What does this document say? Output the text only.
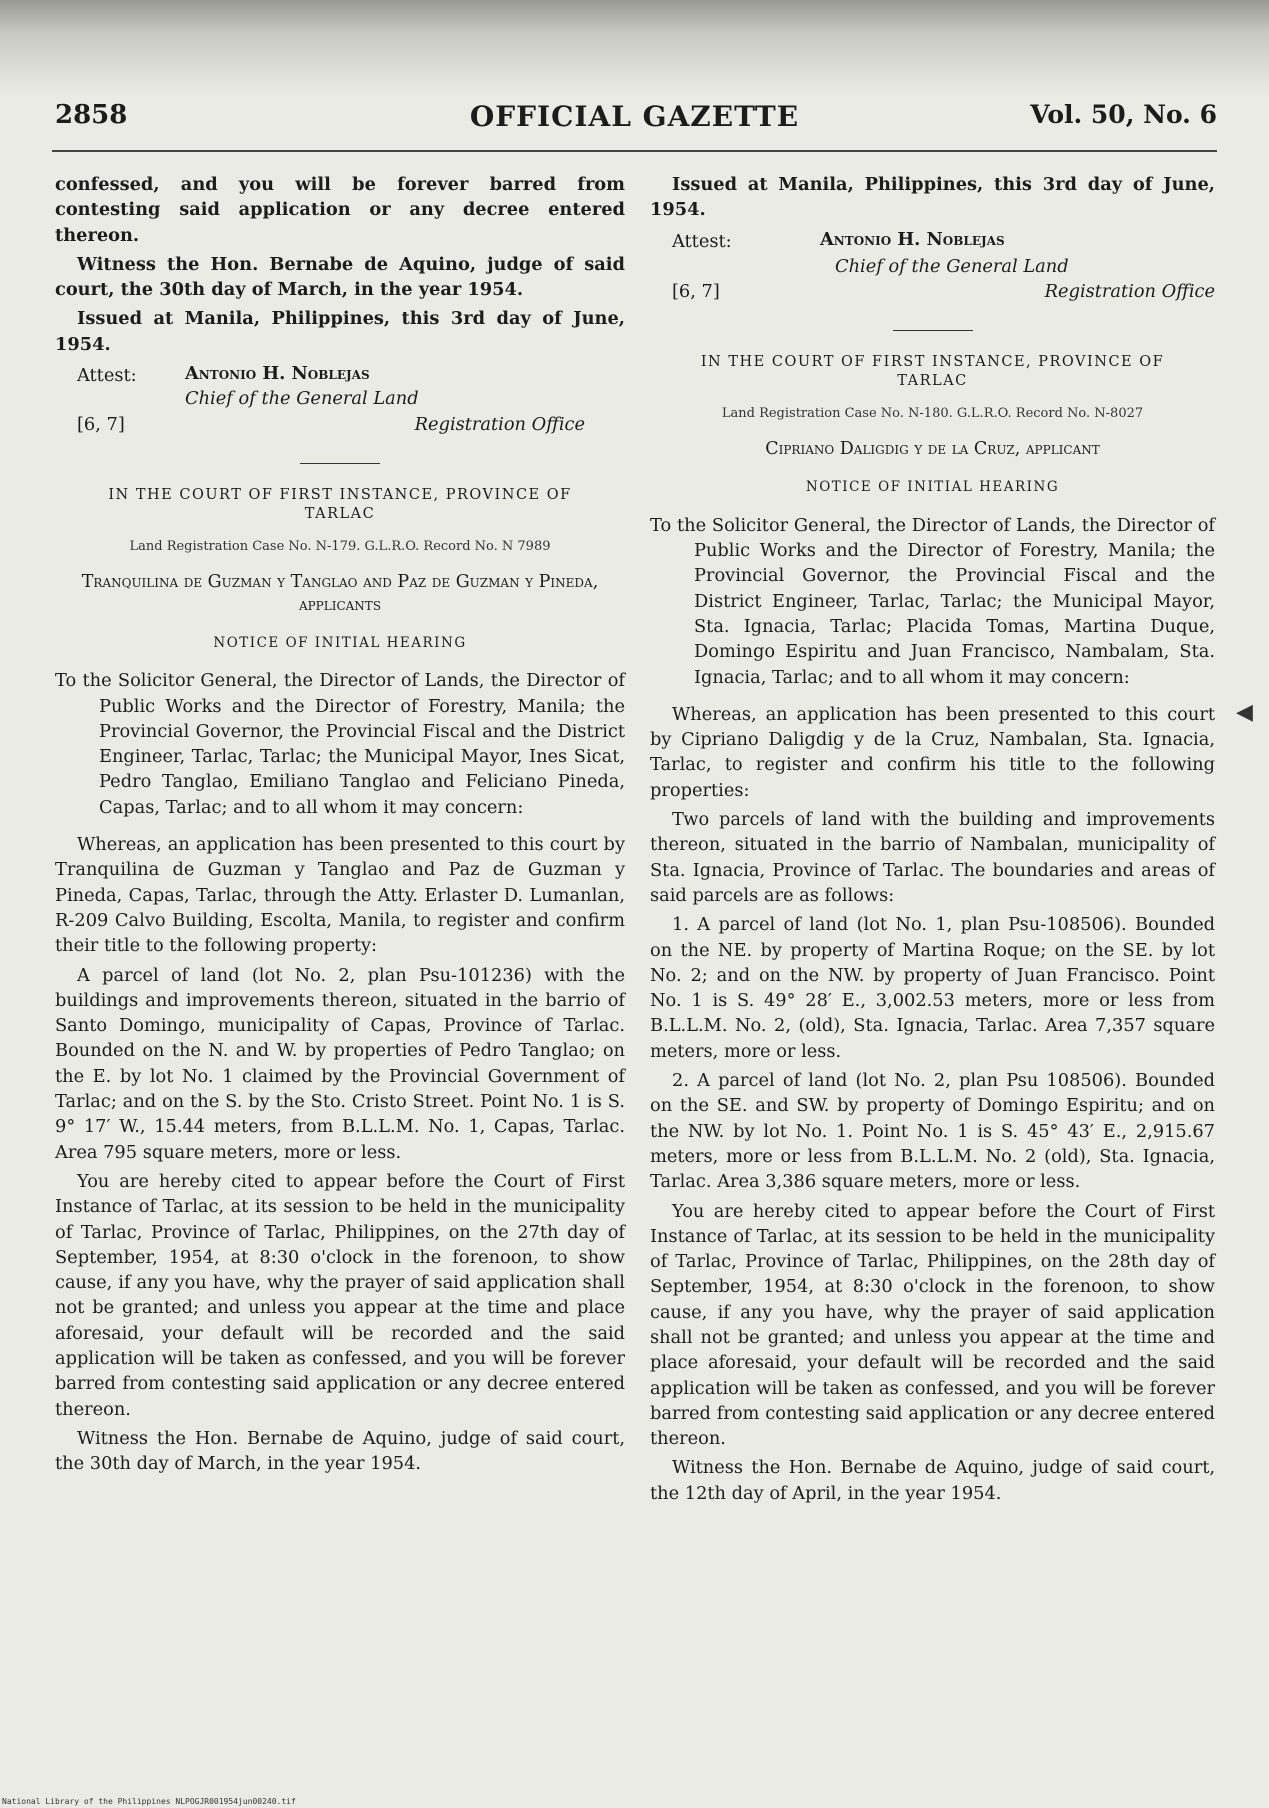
OFFICIAL GAZETTE
2858	Vol. 50, No. 6

confessed, and you will be forever barred from contesting said application or any decree entered thereon.

Witness the Hon. Bernabe de Aquino, judge of said court, the 30th day of March, in the year 1954.

Issued at Manila, Philippines, this 3rd day of June, 1954.

Attest:	Antonio H. Noblejas
Chief of the General Land
[6, 7]	Registration Office
IN THE COURT OF FIRST INSTANCE, PROVINCE OF TARLAC
Land Registration Case No. N-179. G.L.R.O. Record No. N 7989
Tranquilina de Guzman y Tanglao and Paz de Guzman y Pineda, applicants
NOTICE OF INITIAL HEARING

To the Solicitor General, the Director of Lands, the Director of Public Works and the Director of Forestry, Manila; the Provincial Governor, the Provincial Fiscal and the District Engineer, Tarlac, Tarlac; the Municipal Mayor, Ines Sicat, Pedro Tanglao, Emiliano Tanglao and Feliciano Pineda, Capas, Tarlac; and to all whom it may concern:

Whereas, an application has been presented to this court by Tranquilina de Guzman y Tanglao and Paz de Guzman y Pineda, Capas, Tarlac, through the Atty. Erlaster D. Lumanlan, R-209 Calvo Building, Escolta, Manila, to register and confirm their title to the following property:

A parcel of land (lot No. 2, plan Psu-101236) with the buildings and improvements thereon, situated in the barrio of Santo Domingo, municipality of Capas, Province of Tarlac. Bounded on the N. and W. by properties of Pedro Tanglao; on the E. by lot No. 1 claimed by the Provincial Government of Tarlac; and on the S. by the Sto. Cristo Street. Point No. 1 is S. 9° 17′ W., 15.44 meters, from B.L.L.M. No. 1, Capas, Tarlac. Area 795 square meters, more or less.

You are hereby cited to appear before the Court of First Instance of Tarlac, at its session to be held in the municipality of Tarlac, Province of Tarlac, Philippines, on the 27th day of September, 1954, at 8:30 o'clock in the forenoon, to show cause, if any you have, why the prayer of said application shall not be granted; and unless you appear at the time and place aforesaid, your default will be recorded and the said application will be taken as confessed, and you will be forever barred from contesting said application or any decree entered thereon.

Witness the Hon. Bernabe de Aquino, judge of said court, the 30th day of March, in the year 1954.

Issued at Manila, Philippines, this 3rd day of June, 1954.

Attest:	Antonio H. Noblejas
Chief of the General Land
[6, 7]	Registration Office
IN THE COURT OF FIRST INSTANCE, PROVINCE OF TARLAC
Land Registration Case No. N-180. G.L.R.O. Record No. N-8027
Cipriano Daligdig y de la Cruz, applicant
NOTICE OF INITIAL HEARING

To the Solicitor General, the Director of Lands, the Director of Public Works and the Director of Forestry, Manila; the Provincial Governor, the Provincial Fiscal and the District Engineer, Tarlac, Tarlac; the Municipal Mayor, Sta. Ignacia, Tarlac; Placida Tomas, Martina Duque, Domingo Espiritu and Juan Francisco, Nambalam, Sta. Ignacia, Tarlac; and to all whom it may concern:

Whereas, an application has been presented to this court by Cipriano Daligdig y de la Cruz, Nambalan, Sta. Ignacia, Tarlac, to register and confirm his title to the following properties:

Two parcels of land with the building and improvements thereon, situated in the barrio of Nambalan, municipality of Sta. Ignacia, Province of Tarlac. The boundaries and areas of said parcels are as follows:

1. A parcel of land (lot No. 1, plan Psu-108506). Bounded on the NE. by property of Martina Roque; on the SE. by lot No. 2; and on the NW. by property of Juan Francisco. Point No. 1 is S. 49° 28′ E., 3,002.53 meters, more or less from B.L.L.M. No. 2, (old), Sta. Ignacia, Tarlac. Area 7,357 square meters, more or less.

2. A parcel of land (lot No. 2, plan Psu 108506). Bounded on the SE. and SW. by property of Domingo Espiritu; and on the NW. by lot No. 1. Point No. 1 is S. 45° 43′ E., 2,915.67 meters, more or less from B.L.L.M. No. 2 (old), Sta. Ignacia, Tarlac. Area 3,386 square meters, more or less.

You are hereby cited to appear before the Court of First Instance of Tarlac, at its session to be held in the municipality of Tarlac, Province of Tarlac, Philippines, on the 28th day of September, 1954, at 8:30 o'clock in the forenoon, to show cause, if any you have, why the prayer of said application shall not be granted; and unless you appear at the time and place aforesaid, your default will be recorded and the said application will be taken as confessed, and you will be forever barred from contesting said application or any decree entered thereon.

Witness the Hon. Bernabe de Aquino, judge of said court, the 12th day of April, in the year 1954.

◀
National Library of the Philippines NLPOGJR001954jun00240.tif
